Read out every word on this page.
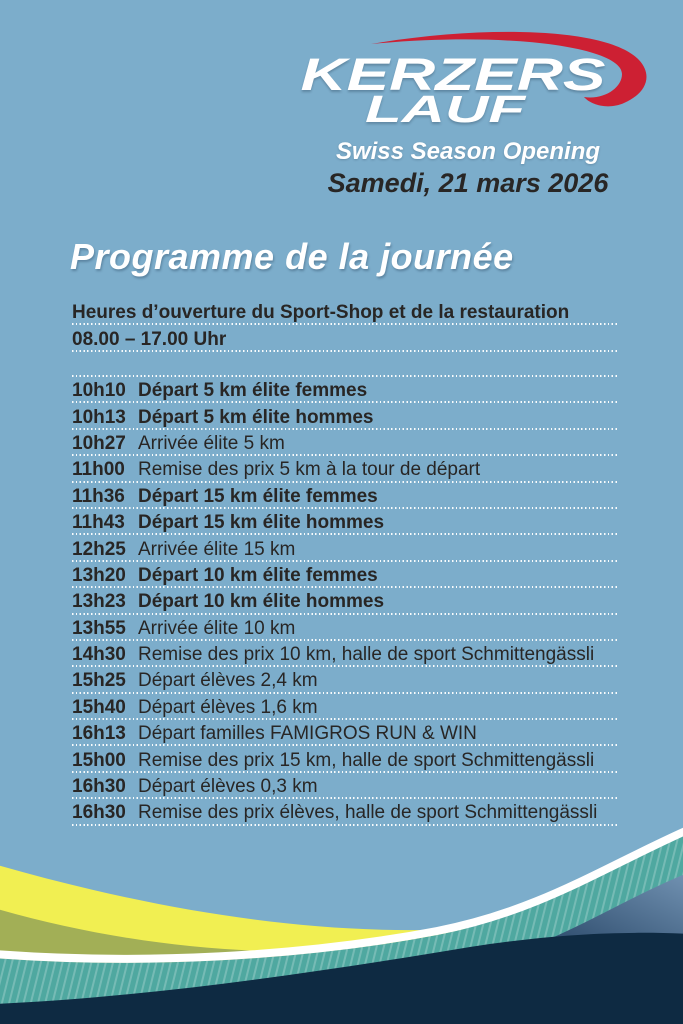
KERZERS
LAUF
Swiss Season Opening
Samedi, 21 mars 2026
Programme de la journée
Heures d’ouverture du Sport-Shop et de la restauration
08.00 – 17.00 Uhr
10h10 Départ 5 km élite femmes
10h13 Départ 5 km élite hommes
10h27 Arrivée élite 5 km
11h00 Remise des prix 5 km à la tour de départ
11h36 Départ 15 km élite femmes
11h43 Départ 15 km élite hommes
12h25 Arrivée élite 15 km
13h20 Départ 10 km élite femmes
13h23 Départ 10 km élite hommes
13h55 Arrivée élite 10 km
14h30 Remise des prix 10 km, halle de sport Schmittengässli
15h25 Départ élèves 2,4 km
15h40 Départ élèves 1,6 km
16h13 Départ familles FAMIGROS RUN & WIN
15h00 Remise des prix 15 km, halle de sport Schmittengässli
16h30 Départ élèves 0,3 km
16h30 Remise des prix élèves, halle de sport Schmittengässli
